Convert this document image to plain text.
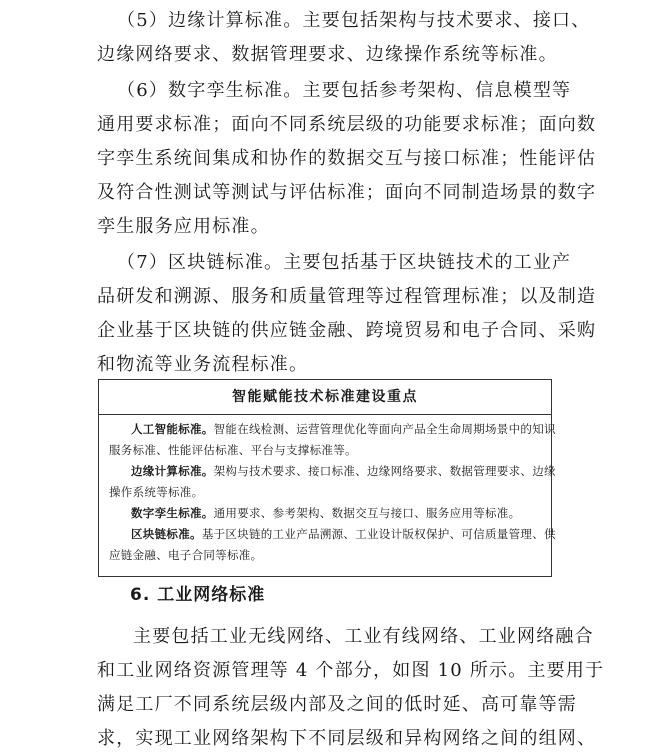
（5）边缘计算标准。主要包括架构与技术要求、接口、
边缘网络要求、数据管理要求、边缘操作系统等标准。

（6）数字孪生标准。主要包括参考架构、信息模型等
通用要求标准；面向不同系统层级的功能要求标准；面向数
字孪生系统间集成和协作的数据交互与接口标准；性能评估
及符合性测试等测试与评估标准；面向不同制造场景的数字
孪生服务应用标准。

（7）区块链标准。主要包括基于区块链技术的工业产
品研发和溯源、服务和质量管理等过程管理标准；以及制造
企业基于区块链的供应链金融、跨境贸易和电子合同、采购
和物流等业务流程标准。

智能赋能技术标准建设重点
人工智能标准。智能在线检测、运营管理优化等面向产品全生命周期场景中的知识
服务标准、性能评估标准、平台与支撑标准等。
边缘计算标准。架构与技术要求、接口标准、边缘网络要求、数据管理要求、边缘
操作系统等标准。
数字孪生标准。通用要求、参考架构、数据交互与接口、服务应用等标准。
区块链标准。基于区块链的工业产品溯源、工业设计版权保护、可信质量管理、供
应链金融、电子合同等标准。
6. 工业网络标准

主要包括工业无线网络、工业有线网络、工业网络融合
和工业网络资源管理等 4 个部分，如图 10 所示。主要用于
满足工厂不同系统层级内部及之间的低时延、高可靠等需
求，实现工业网络架构下不同层级和异构网络之间的组网、
